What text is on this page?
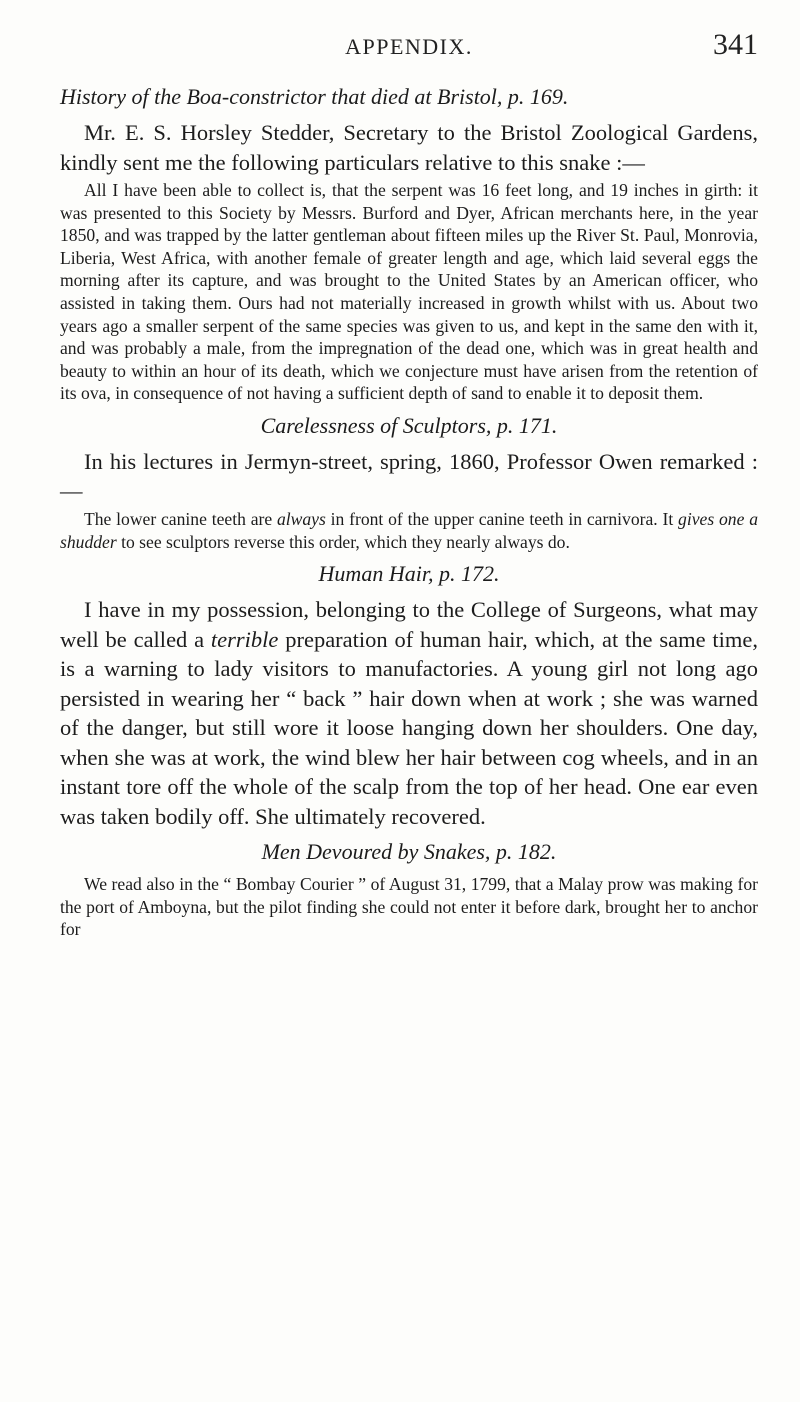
APPENDIX.	341
History of the Boa-constrictor that died at Bristol, p. 169.

Mr. E. S. Horsley Stedder, Secretary to the Bristol Zoological Gardens, kindly sent me the following particulars relative to this snake :—

All I have been able to collect is, that the serpent was 16 feet long, and 19 inches in girth: it was presented to this Society by Messrs. Burford and Dyer, African merchants here, in the year 1850, and was trapped by the latter gentleman about fifteen miles up the River St. Paul, Monrovia, Liberia, West Africa, with another female of greater length and age, which laid several eggs the morning after its capture, and was brought to the United States by an American officer, who assisted in taking them. Ours had not materially increased in growth whilst with us. About two years ago a smaller serpent of the same species was given to us, and kept in the same den with it, and was probably a male, from the impregnation of the dead one, which was in great health and beauty to within an hour of its death, which we conjecture must have arisen from the retention of its ova, in consequence of not having a sufficient depth of sand to enable it to deposit them.

Carelessness of Sculptors, p. 171.

In his lectures in Jermyn-street, spring, 1860, Professor Owen remarked :—

The lower canine teeth are always in front of the upper canine teeth in carnivora. It gives one a shudder to see sculptors reverse this order, which they nearly always do.

Human Hair, p. 172.

I have in my possession, belonging to the College of Surgeons, what may well be called a terrible preparation of human hair, which, at the same time, is a warning to lady visitors to manufactories. A young girl not long ago persisted in wearing her “ back ” hair down when at work ; she was warned of the danger, but still wore it loose hanging down her shoulders. One day, when she was at work, the wind blew her hair between cog wheels, and in an instant tore off the whole of the scalp from the top of her head. One ear even was taken bodily off. She ultimately recovered.

Men Devoured by Snakes, p. 182.

We read also in the “ Bombay Courier ” of August 31, 1799, that a Malay prow was making for the port of Amboyna, but the pilot finding she could not enter it before dark, brought her to anchor for
